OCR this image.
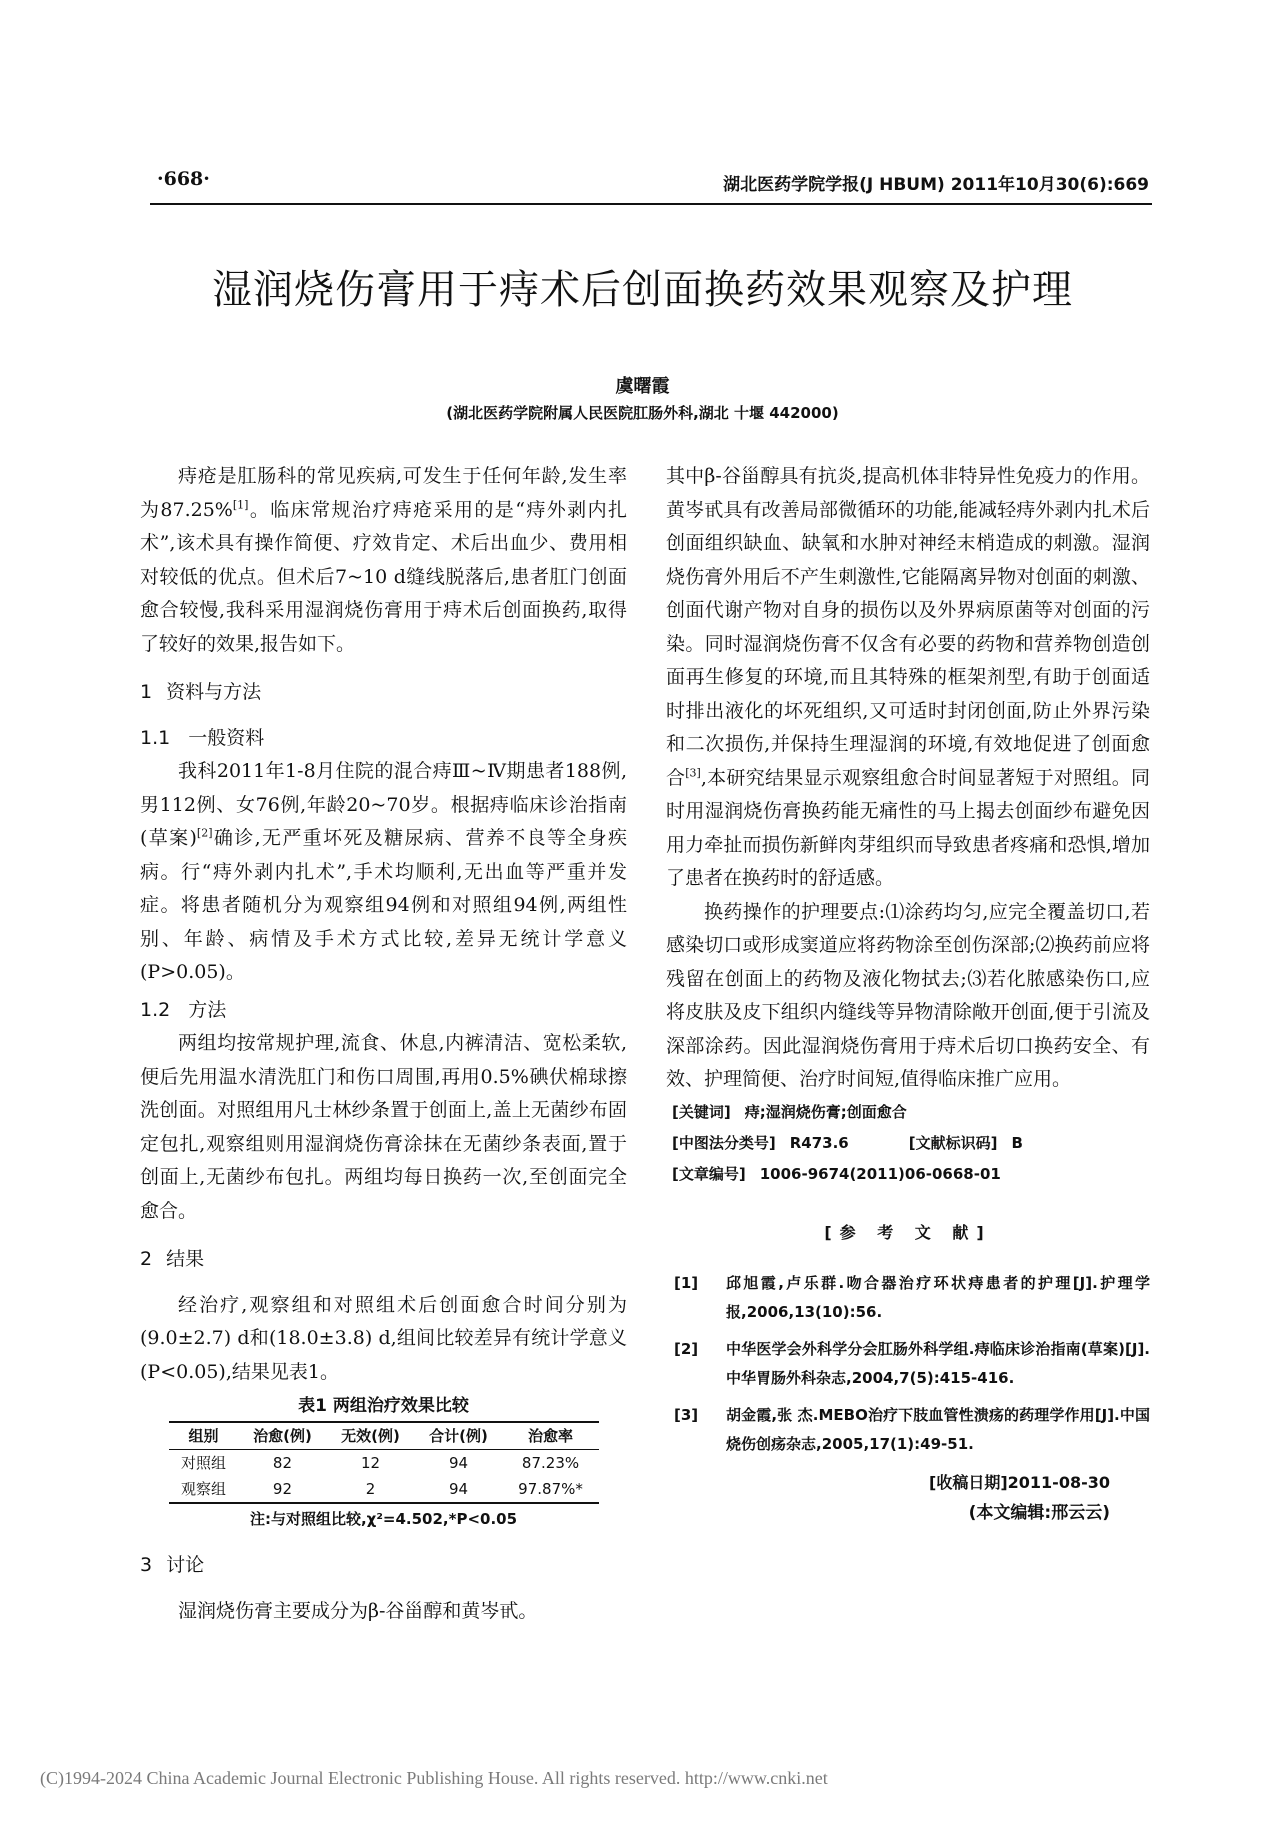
·668·	湖北医药学院学报(J HBUM) 2011年10月30(6):669
湿润烧伤膏用于痔术后创面换药效果观察及护理
虞曙霞
(湖北医药学院附属人民医院肛肠外科,湖北 十堰 442000)

痔疮是肛肠科的常见疾病,可发生于任何年龄,发生率为87.25%[1]。临床常规治疗痔疮采用的是“痔外剥内扎术”,该术具有操作简便、疗效肯定、术后出血少、费用相对较低的优点。但术后7~10 d缝线脱落后,患者肛门创面愈合较慢,我科采用湿润烧伤膏用于痔术后创面换药,取得了较好的效果,报告如下。

1 资料与方法
1.1 一般资料

我科2011年1-8月住院的混合痔Ⅲ~Ⅳ期患者188例,男112例、女76例,年龄20~70岁。根据痔临床诊治指南(草案)[2]确诊,无严重坏死及糖尿病、营养不良等全身疾病。行“痔外剥内扎术”,手术均顺利,无出血等严重并发症。将患者随机分为观察组94例和对照组94例,两组性别、年龄、病情及手术方式比较,差异无统计学意义(P>0.05)。

1.2 方法

两组均按常规护理,流食、休息,内裤清洁、宽松柔软,便后先用温水清洗肛门和伤口周围,再用0.5%碘伏棉球擦洗创面。对照组用凡士林纱条置于创面上,盖上无菌纱布固定包扎,观察组则用湿润烧伤膏涂抹在无菌纱条表面,置于创面上,无菌纱布包扎。两组均每日换药一次,至创面完全愈合。

2 结果

经治疗,观察组和对照组术后创面愈合时间分别为(9.0±2.7) d和(18.0±3.8) d,组间比较差异有统计学意义(P<0.05),结果见表1。

表1 两组治疗效果比较
组别	治愈(例)	无效(例)	合计(例)	治愈率
对照组	82	12	94	87.23%
观察组	92	2	94	97.87%*
注:与对照组比较,χ²=4.502,*P<0.05
3 讨论

湿润烧伤膏主要成分为β-谷甾醇和黄岑甙。

其中β-谷甾醇具有抗炎,提高机体非特异性免疫力的作用。黄岑甙具有改善局部微循环的功能,能减轻痔外剥内扎术后创面组织缺血、缺氧和水肿对神经末梢造成的刺激。湿润烧伤膏外用后不产生刺激性,它能隔离异物对创面的刺激、创面代谢产物对自身的损伤以及外界病原菌等对创面的污染。同时湿润烧伤膏不仅含有必要的药物和营养物创造创面再生修复的环境,而且其特殊的框架剂型,有助于创面适时排出液化的坏死组织,又可适时封闭创面,防止外界污染和二次损伤,并保持生理湿润的环境,有效地促进了创面愈合[3],本研究结果显示观察组愈合时间显著短于对照组。同时用湿润烧伤膏换药能无痛性的马上揭去创面纱布避免因用力牵扯而损伤新鲜肉芽组织而导致患者疼痛和恐惧,增加了患者在换药时的舒适感。

换药操作的护理要点:⑴涂药均匀,应完全覆盖切口,若感染切口或形成窦道应将药物涂至创伤深部;⑵换药前应将残留在创面上的药物及液化物拭去;⑶若化脓感染伤口,应将皮肤及皮下组织内缝线等异物清除敞开创面,便于引流及深部涂药。因此湿润烧伤膏用于痔术后切口换药安全、有效、护理简便、治疗时间短,值得临床推广应用。

[关键词] 痔;湿润烧伤膏;创面愈合

[中图法分类号] R473.6	[文献标识码] B

[文章编号] 1006-9674(2011)06-0668-01

[参 考 文 献]
[1]	邱旭霞,卢乐群.吻合器治疗环状痔患者的护理[J].护理学报,2006,13(10):56.
[2]	中华医学会外科学分会肛肠外科学组.痔临床诊治指南(草案)[J].中华胃肠外科杂志,2004,7(5):415-416.
[3]	胡金霞,张 杰.MEBO治疗下肢血管性溃疡的药理学作用[J].中国烧伤创疡杂志,2005,17(1):49-51.
[收稿日期]2011-08-30
(本文编辑:邢云云)
(C)1994-2024 China Academic Journal Electronic Publishing House. All rights reserved. http://www.cnki.net
